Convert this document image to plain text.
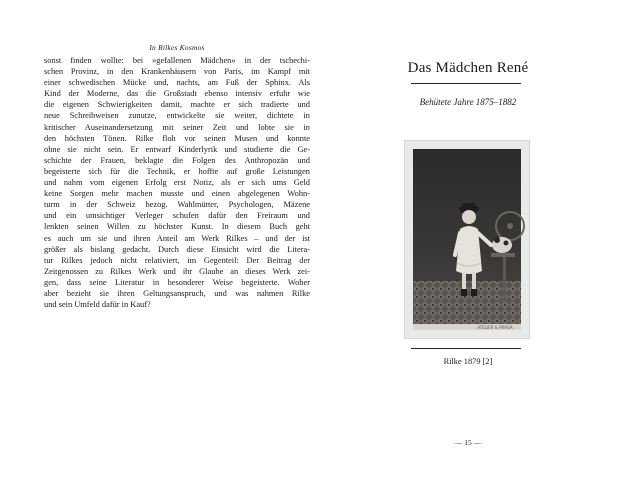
In Rilkes Kosmos
sonst finden wollte: bei »gefallenen Mädchen« in der tschechi-
schen Provinz, in den Krankenhäusern von Paris, im Kampf mit
einer schwedischen Mücke und, nachts, am Fuß der Sphinx. Als
Kind der Moderne, das die Großstadt ebenso intensiv erfuhr wie
die eigenen Schwierigkeiten damit, machte er sich tradierte und
neue Schreibweisen zunutze, entwickelte sie weiter, dichtete in
kritischer Auseinandersetzung mit seiner Zeit und lobte sie in
den höchsten Tönen. Rilke floh vor seinen Musen und konnte
ohne sie nicht sein. Er entwarf Kinderlyrik und studierte die Ge-
schichte der Frauen, beklagte die Folgen des Anthropozän und
begeisterte sich für die Technik, er hoffte auf große Leistungen
und nahm vom eigenen Erfolg erst Notiz, als er sich ums Geld
keine Sorgen mehr machen musste und einen abgelegenen Wohn-
turm in der Schweiz bezog. Wahlmütter, Psychologen, Mäzene
und ein umsichtiger Verleger schufen dafür den Freiraum und
lenkten seinen Willen zu höchster Kunst. In diesem Buch geht
es auch um sie und ihren Anteil am Werk Rilkes – und der ist
größer als bislang gedacht. Durch diese Einsicht wird die Litera-
tur Rilkes jedoch nicht relativiert, im Gegenteil: Der Beitrag der
Zeitgenossen zu Rilkes Werk und ihr Glaube an dieses Werk zei-
gen, dass seine Literatur in besonderer Weise begeisterte. Woher
aber bezieht sie ihren Geltungsanspruch, und was nahmen Rilke
und sein Umfeld dafür in Kauf?
Das Mädchen René
Behütete Jahre 1875–1882
ATELIER & PRAGA
Rilke 1879 [2]
— 15 —
